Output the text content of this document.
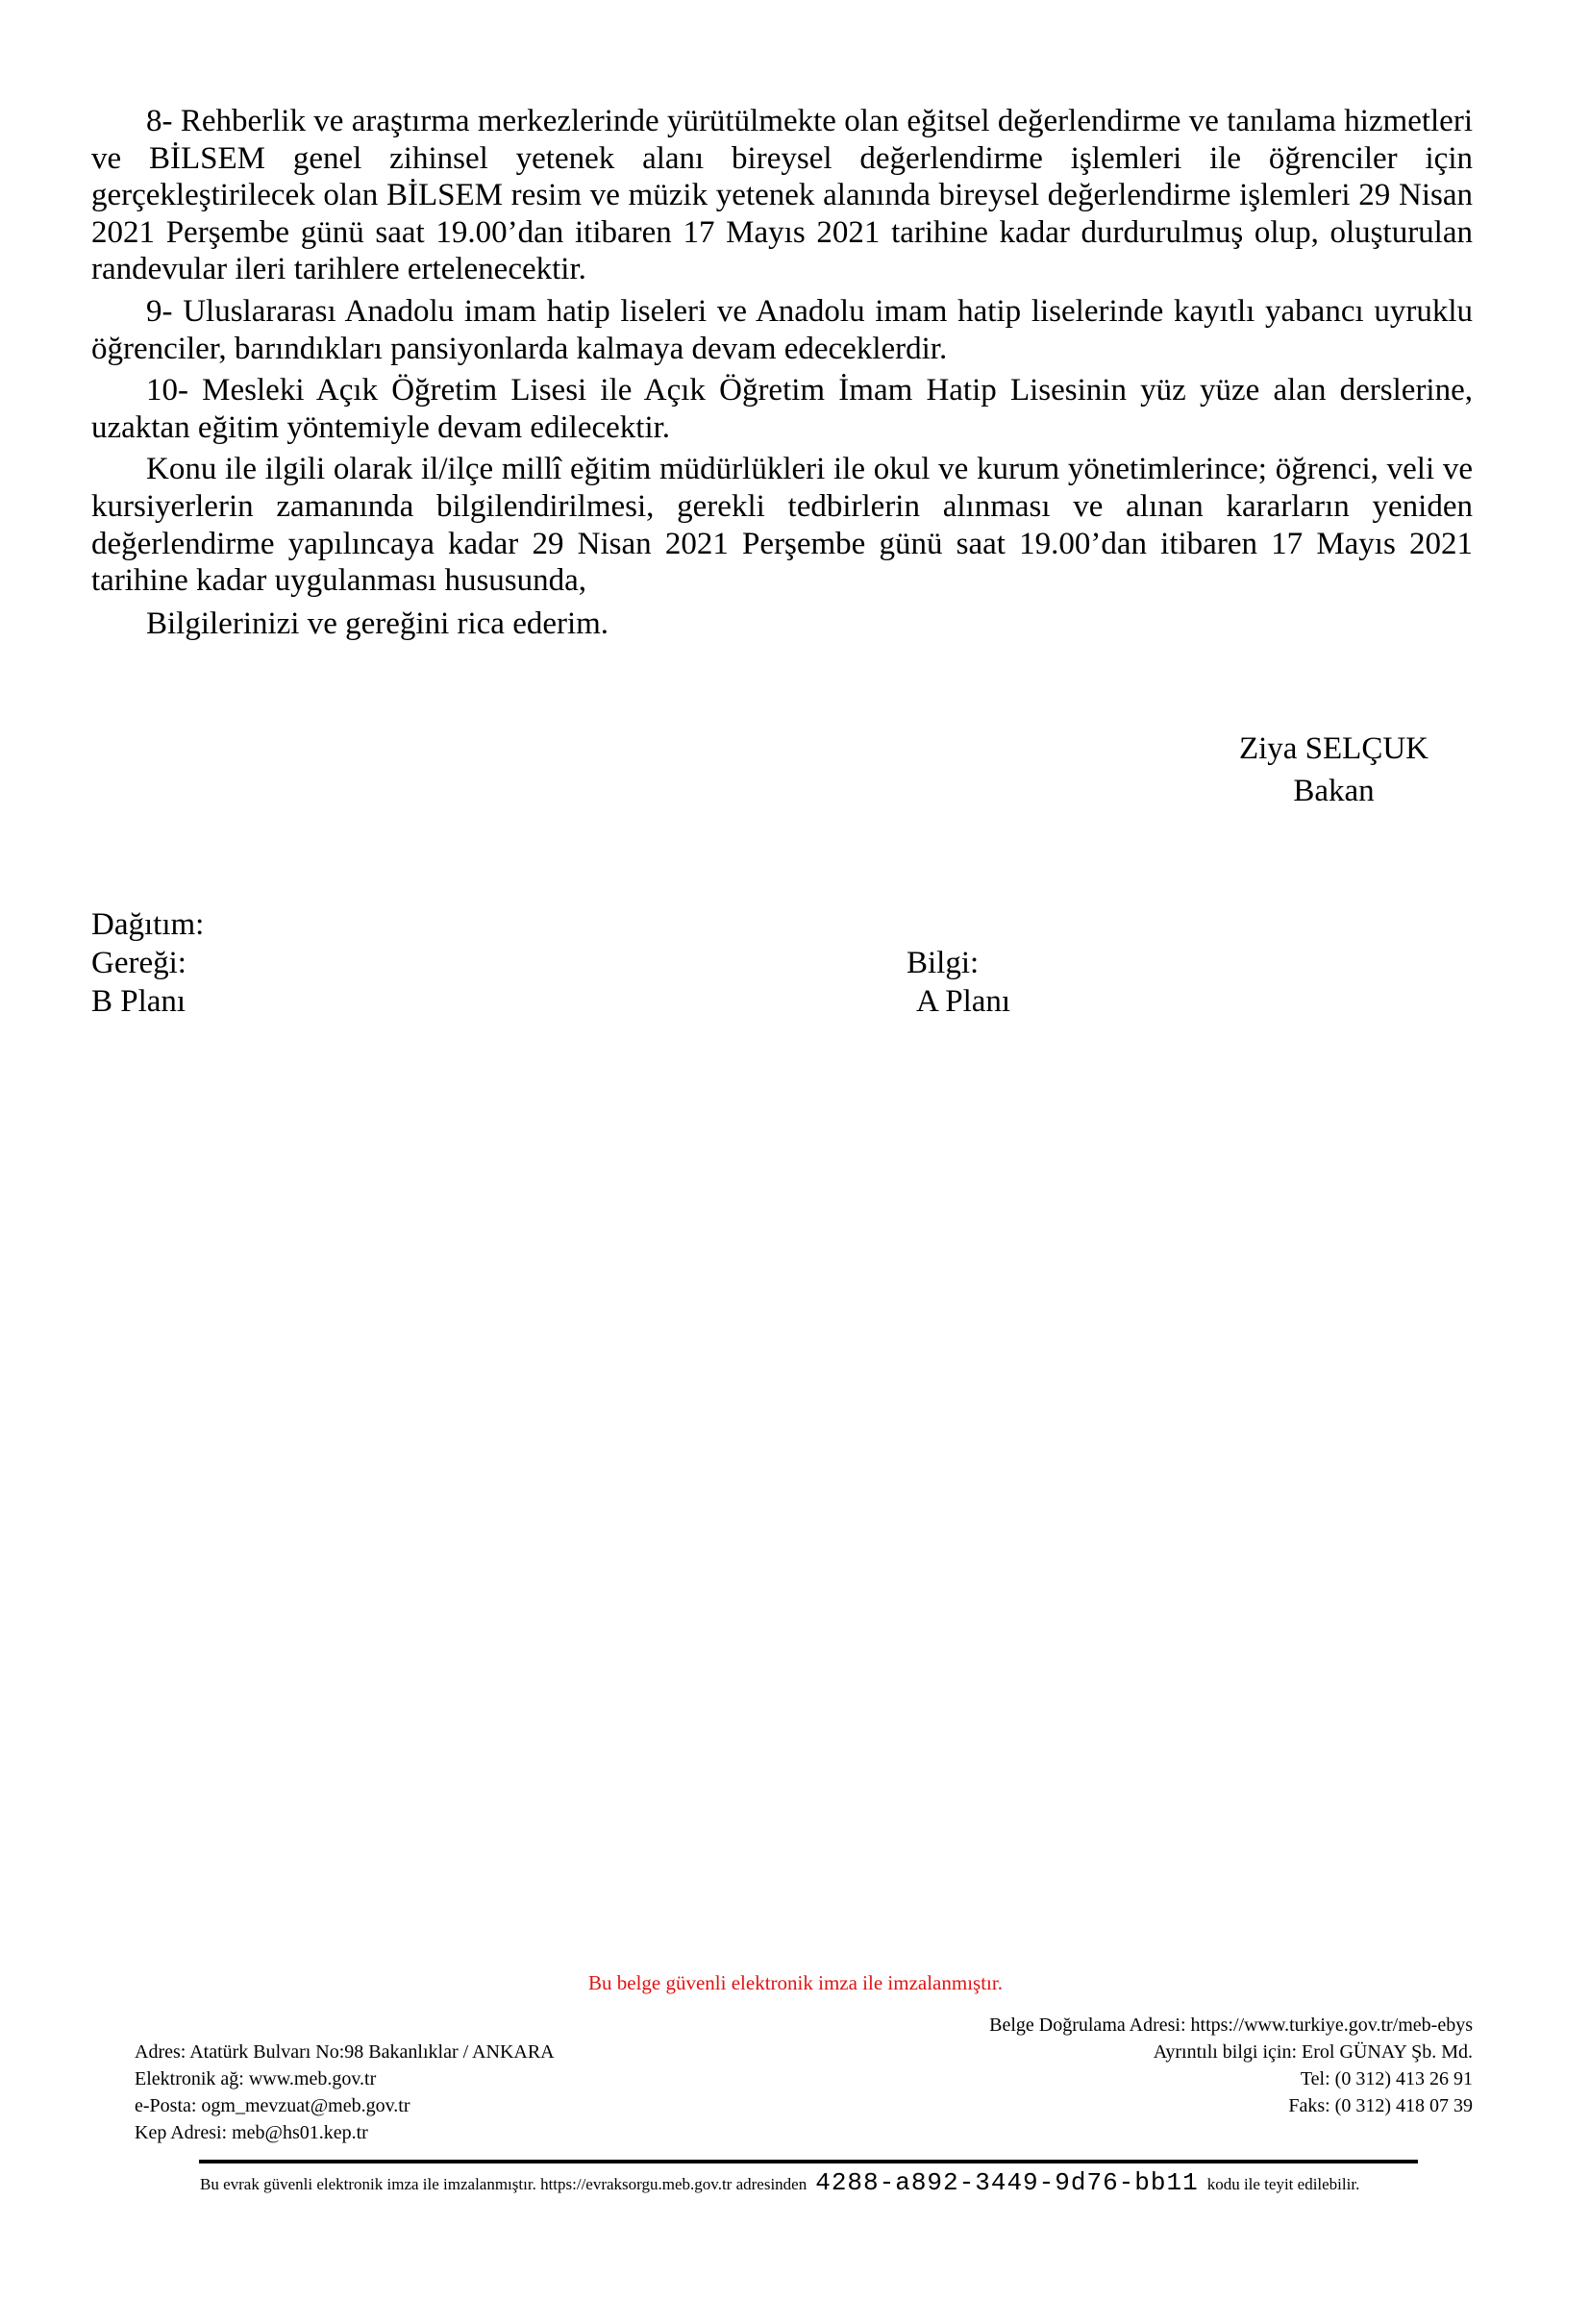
8- Rehberlik ve araştırma merkezlerinde yürütülmekte olan eğitsel değerlendirme ve tanılama hizmetleri ve BİLSEM genel zihinsel yetenek alanı bireysel değerlendirme işlemleri ile öğrenciler için gerçekleştirilecek olan BİLSEM resim ve müzik yetenek alanında bireysel değerlendirme işlemleri 29 Nisan 2021 Perşembe günü saat 19.00’dan itibaren 17 Mayıs 2021 tarihine kadar durdurulmuş olup, oluşturulan randevular ileri tarihlere ertelenecektir.

9- Uluslararası Anadolu imam hatip liseleri ve Anadolu imam hatip liselerinde kayıtlı yabancı uyruklu öğrenciler, barındıkları pansiyonlarda kalmaya devam edeceklerdir.

10- Mesleki Açık Öğretim Lisesi ile Açık Öğretim İmam Hatip Lisesinin yüz yüze alan derslerine, uzaktan eğitim yöntemiyle devam edilecektir.

Konu ile ilgili olarak il/ilçe millî eğitim müdürlükleri ile okul ve kurum yönetimlerince; öğrenci, veli ve kursiyerlerin zamanında bilgilendirilmesi, gerekli tedbirlerin alınması ve alınan kararların yeniden değerlendirme yapılıncaya kadar 29 Nisan 2021 Perşembe günü saat 19.00’dan itibaren 17 Mayıs 2021 tarihine kadar uygulanması hususunda,

Bilgilerinizi ve gereğini rica ederim.

Ziya SELÇUK
Bakan
Dağıtım:
Gereği:	Bilgi:
B Planı	A Planı
Bu belge güvenli elektronik imza ile imzalanmıştır.
Adres: Atatürk Bulvarı No:98 Bakanlıklar / ANKARA
Elektronik ağ: www.meb.gov.tr
e-Posta: ogm_mevzuat@meb.gov.tr
Kep Adresi: meb@hs01.kep.tr
Belge Doğrulama Adresi: https://www.turkiye.gov.tr/meb-ebys
Ayrıntılı bilgi için: Erol GÜNAY Şb. Md.
Tel: (0 312) 413 26 91
Faks: (0 312) 418 07 39
Bu evrak güvenli elektronik imza ile imzalanmıştır. https://evraksorgu.meb.gov.tr adresinden 4288-a892-3449-9d76-bb11 kodu ile teyit edilebilir.
